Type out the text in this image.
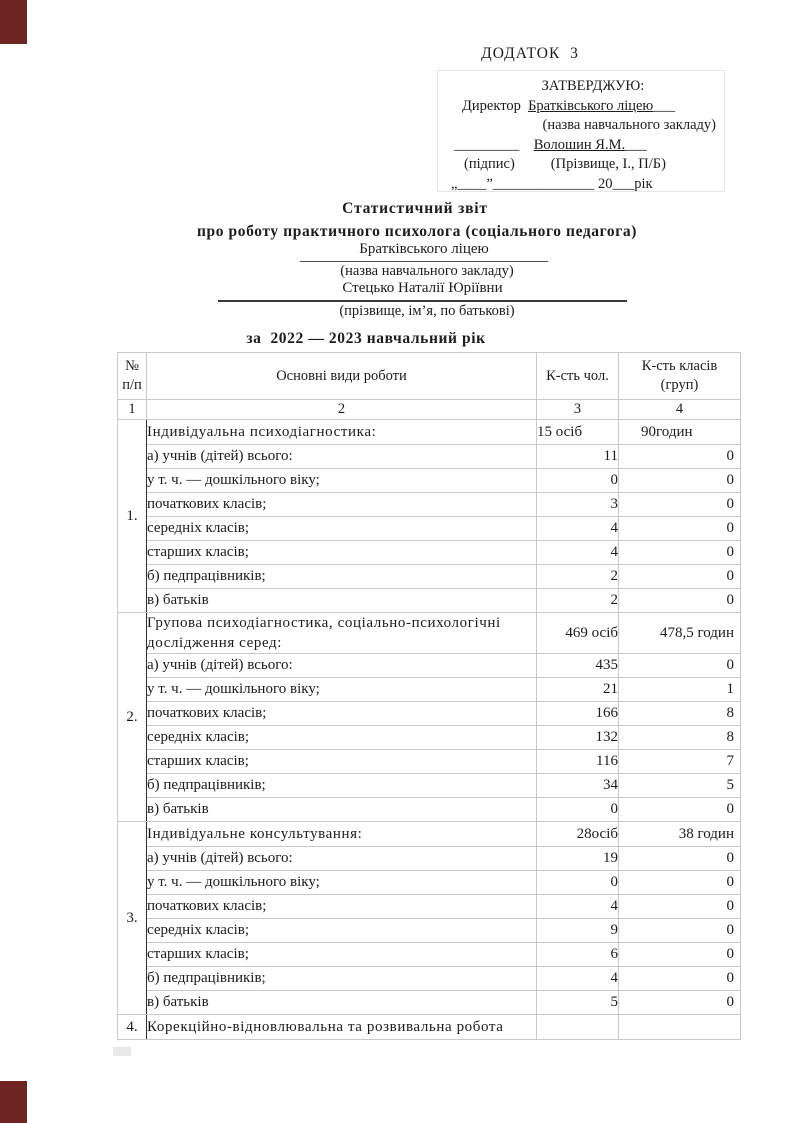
ДОДАТОК  3
ЗАТВЕРДЖУЮ:
Директор Братківського ліцею___
(назва навчального закладу)
_________ Волошин Я.М.___
(підпис) (Прізвище, І., П/Б)
„____”______________ 20___рік
Статистичний звіт
про роботу практичного психолога (соціального педагога)
Братківського ліцею
(назва навчального закладу)
Стецько Наталії Юріївни
(прізвище, ім’я, по батькові)
за  2022 — 2023 навчальний рік
№
п/п	Основні види роботи	К-сть чол.	К-сть класів
(груп)
1	2	3	4
1.	Індивідуальна психодіагностика:	15 осіб	90годин
	а) учнів (дітей) всього:	11	0
	у т. ч. — дошкільного віку;	0	0
	початкових класів;	3	0
	середніх класів;	4	0
	старших класів;	4	0
	б) педпрацівників;	2	0
	в) батьків	2	0
2.	Групова психодіагностика, соціально-психологічні дослідження серед:	469 осіб	478,5 годин
	а) учнів (дітей) всього:	435	0
	у т. ч. — дошкільного віку;	21	1
	початкових класів;	166	8
	середніх класів;	132	8
	старших класів;	116	7
	б) педпрацівників;	34	5
	в) батьків	0	0
3.	Індивідуальне консультування:	28осіб	38 годин
	а) учнів (дітей) всього:	19	0
	у т. ч. — дошкільного віку;	0	0
	початкових класів;	4	0
	середніх класів;	9	0
	старших класів;	6	0
	б) педпрацівників;	4	0
	в) батьків	5	0
4.	Корекційно-відновлювальна та розвивальна робота		
